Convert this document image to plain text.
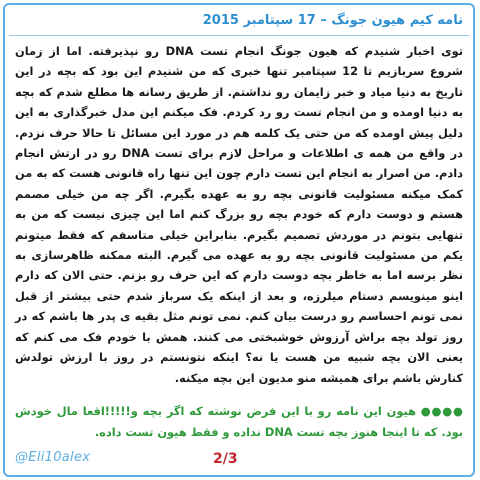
نامه کیم هیون جونگ – 17 سپتامبر 2015
توی اخبار شنیدم که هیون جونگ انجام تست DNA رو نپذیرفته. اما از زمان شروع سربازیم تا 12 سپتامبر تنها خبری که من شنیدم این بود که بچه در این تاریخ به دنیا میاد و خبر زایمان رو نداشتم. از طریق رسانه ها مطلع شدم که بچه به دنیا اومده و من انجام تست رو رد کردم. فک میکنم این مدل خبرگذاری به این دلیل پیش اومده که من حتی یک کلمه هم در مورد این مسائل تا حالا حرف نزدم. در واقع من همه ی اطلاعات و مراحل لازم برای تست DNA رو در ارتش انجام دادم. من اصرار به انجام این تست دارم چون این تنها راه قانونی هست که به من کمک میکنه مسئولیت قانونی بچه رو به عهده بگیرم. اگر چه من خیلی مصمم هستم و دوست دارم که خودم بچه رو بزرگ کنم اما این چیزی نیست که من به تنهایی بتونم در موردش تصمیم بگیرم. بنابراین خیلی متاسفم که فقط میتونم یکم من مسئولیت قانونی بچه رو به عهده می گیرم. البته ممکنه ظاهرسازی به نظر برسه اما به خاطر بچه دوست دارم که این حرف رو بزنم. حتی الان که دارم اینو مینویسم دستام میلرزه، و بعد از اینکه یک سرباز شدم حتی بیشتر از قبل نمی تونم احساسم رو درست بیان کنم. نمی تونم مثل بقیه ی پدر ها باشم که در روز تولد بچه براش آرزوش خوشبختی می کنند. همش با خودم فک می کنم که یعنی الان بچه شبیه من هست یا نه؟ اینکه نتونستم در روز با ارزش تولدش کنارش باشم برای همیشه منو مدیون این بچه میکنه.
●●●● هیون این نامه رو با این فرض نوشته که اگر بچه و!!!!!اقعا مال خودش بود. که تا اینجا هنوز بچه تست DNA نداده و فقط هیون تست داده.
@Eli10alex	2/3
